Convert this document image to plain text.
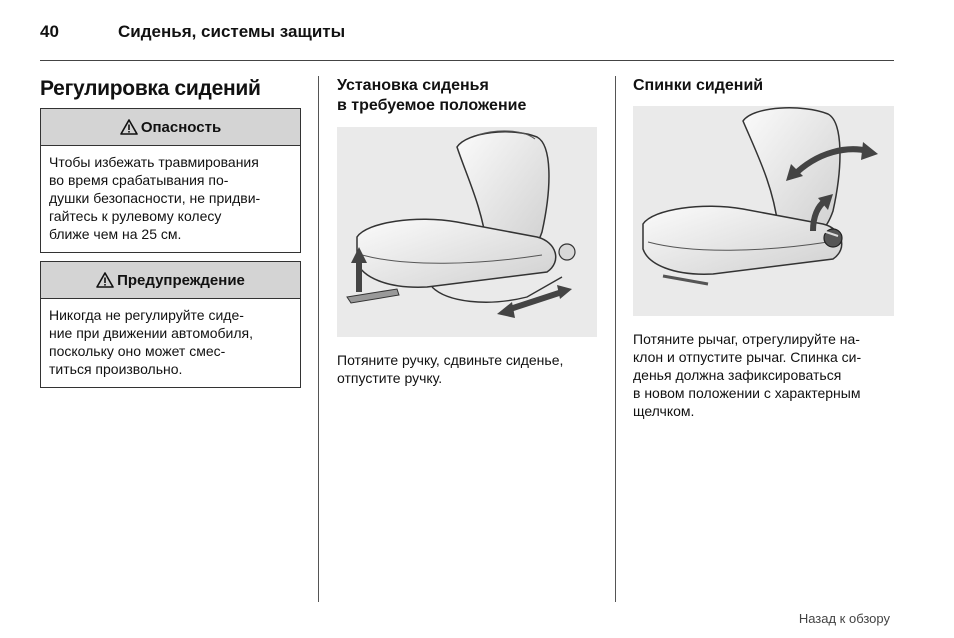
40	Сиденья, системы защиты
Регулировка сидений
Опасность
Чтобы избежать травмирования
во время срабатывания по-
душки безопасности, не придви-
гайтесь к рулевому колесу
ближе чем на 25 см.
Предупреждение
Никогда не регулируйте сиде-
ние при движении автомобиля,
поскольку оно может смес-
титься произвольно.
Установка сиденья
в требуемое положение
Потяните ручку, сдвиньте сиденье,
отпустите ручку.
Спинки сидений
Потяните рычаг, отрегулируйте на-
клон и отпустите рычаг. Спинка си-
денья должна зафиксироваться
в новом положении с характерным
щелчком.
Назад к обзору
